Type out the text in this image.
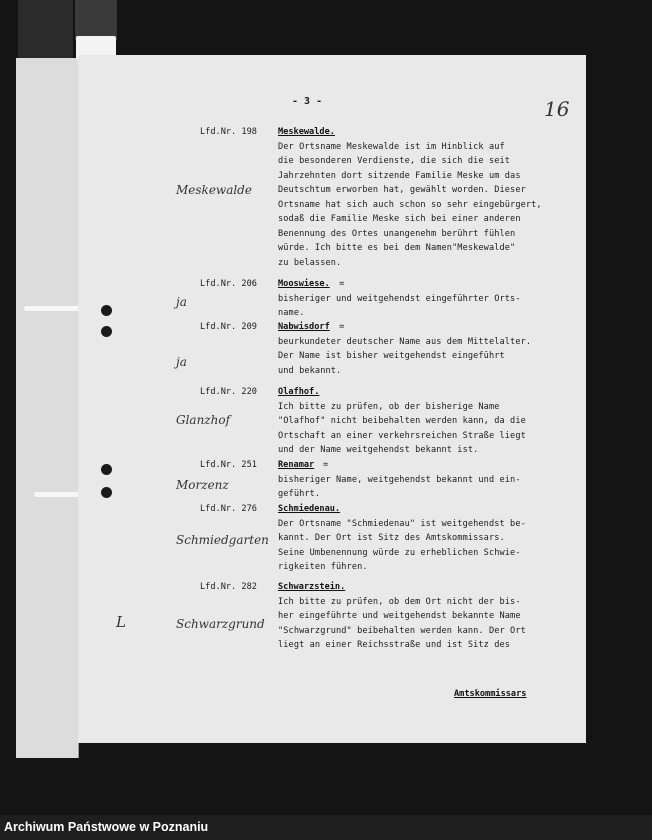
- 3 -	16
Lfd.Nr. 198 Meskewalde.
Meskewalde
Der Ortsname Meskewalde ist im Hinblick auf
die besonderen Verdienste, die sich die seit
Jahrzehnten dort sitzende Familie Meske um das
Deutschtum erworben hat, gewählt worden. Dieser
Ortsname hat sich auch schon so sehr eingebürgert,
sodaß die Familie Meske sich bei einer anderen
Benennung des Ortes unangenehm berührt fühlen
würde. Ich bitte es bei dem Namen"Meskewalde"
zu belassen.
Lfd.Nr. 206 Mooswiese. =
ja	bisheriger und weitgehendst eingeführter Orts-
name.
Lfd.Nr. 209 Nabwisdorf =
ja
beurkundeter deutscher Name aus dem Mittelalter.
Der Name ist bisher weitgehendst eingeführt
und bekannt.
Lfd.Nr. 220 Olafhof.
Glanzhof
Ich bitte zu prüfen, ob der bisherige Name
"Olafhof" nicht beibehalten werden kann, da die
Ortschaft an einer verkehrsreichen Straße liegt
und der Name weitgehendst bekannt ist.
Lfd.Nr. 251 Renamar =
Morzenz	bisheriger Name, weitgehendst bekannt und ein-
geführt.
Lfd.Nr. 276 Schmiedenau.
Schmiedgarten
Der Ortsname "Schmiedenau" ist weitgehendst be-
kannt. Der Ort ist Sitz des Amtskommissars.
Seine Umbenennung würde zu erheblichen Schwie-
rigkeiten führen.
Lfd.Nr. 282 Schwarzstein.
Schwarzgrund
L
Ich bitte zu prüfen, ob dem Ort nicht der bis-
her eingeführte und weitgehendst bekannte Name
"Schwarzgrund" beibehalten werden kann. Der Ort
liegt an einer Reichsstraße und ist Sitz des
Amtskommissars
Archiwum Państwowe w Poznaniu
